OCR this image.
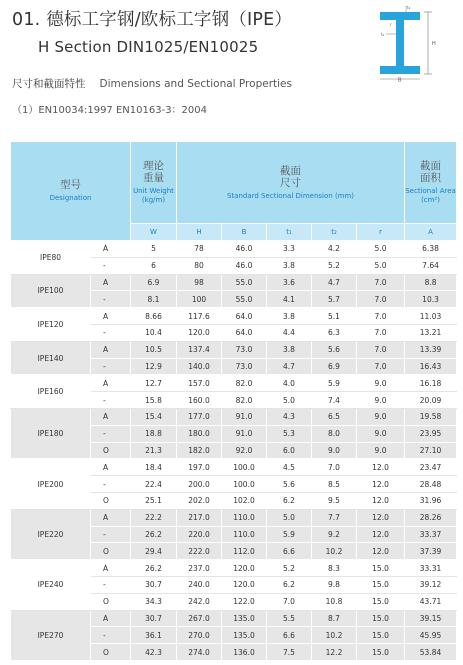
01. 德标工字钢/欧标工字钢（IPE）
H Section DIN1025/EN10025
尺寸和截面特性 Dimensions and Sectional Properties
（1）EN10034:1997 EN10163-3：2004
H
B
t₂
t₁
r
型号
Designation		理论
重量
Unit Weight (kg/m)	截面
尺寸
Standard Sectional Dimension (mm)					截面
面积
Sectional Area (cm²)

		W	H	B	t₁	t₂	r	A
IPE80	A	5	78	46.0	3.3	4.2	5.0	6.38
	-	6	80	46.0	3.8	5.2	5.0	7.64
IPE100	A	6.9	98	55.0	3.6	4.7	7.0	8.8
	-	8.1	100	55.0	4.1	5.7	7.0	10.3
IPE120	A	8.66	117.6	64.0	3.8	5.1	7.0	11.03
	-	10.4	120.0	64.0	4.4	6.3	7.0	13.21
IPE140	A	10.5	137.4	73.0	3.8	5.6	7.0	13.39
	-	12.9	140.0	73.0	4.7	6.9	7.0	16.43
IPE160	A	12.7	157.0	82.0	4.0	5.9	9.0	16.18
	-	15.8	160.0	82.0	5.0	7.4	9.0	20.09
IPE180	A	15.4	177.0	91.0	4.3	6.5	9.0	19.58
	-	18.8	180.0	91.0	5.3	8.0	9.0	23.95
	O	21.3	182.0	92.0	6.0	9.0	9.0	27.10
IPE200	A	18.4	197.0	100.0	4.5	7.0	12.0	23.47
	-	22.4	200.0	100.0	5.6	8.5	12.0	28.48
	O	25.1	202.0	102.0	6.2	9.5	12.0	31.96
IPE220	A	22.2	217.0	110.0	5.0	7.7	12.0	28.26
	-	26.2	220.0	110.0	5.9	9.2	12.0	33.37
	O	29.4	222.0	112.0	6.6	10.2	12.0	37.39
IPE240	A	26.2	237.0	120.0	5.2	8.3	15.0	33.31
	-	30.7	240.0	120.0	6.2	9.8	15.0	39.12
	O	34.3	242.0	122.0	7.0	10.8	15.0	43.71
IPE270	A	30.7	267.0	135.0	5.5	8.7	15.0	39.15
	-	36.1	270.0	135.0	6.6	10.2	15.0	45.95
	O	42.3	274.0	136.0	7.5	12.2	15.0	53.84
